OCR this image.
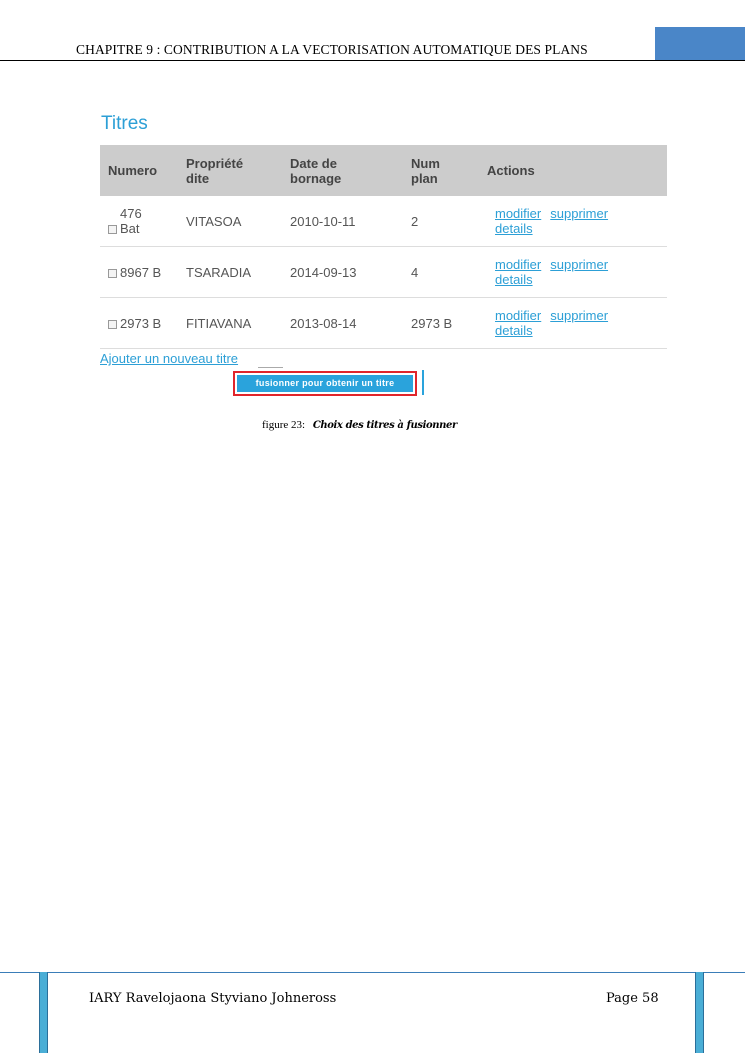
CHAPITRE 9 : CONTRIBUTION A LA VECTORISATION AUTOMATIQUE DES PLANS
Titres
Numero	Propriété dite	Date de bornage	Num plan	Actions
476 Bat	VITASOA	2010-10-11	2	modifier supprimer
details
8967 B	TSARADIA	2014-09-13	4	modifier supprimer
details
2973 B	FITIAVANA	2013-08-14	2973 B	modifier supprimer
details
Ajouter un nouveau titre
fusionner pour obtenir un titre
figure 23: Choix des titres à fusionner
IARY Ravelojaona Styviano Johneross	Page 58
